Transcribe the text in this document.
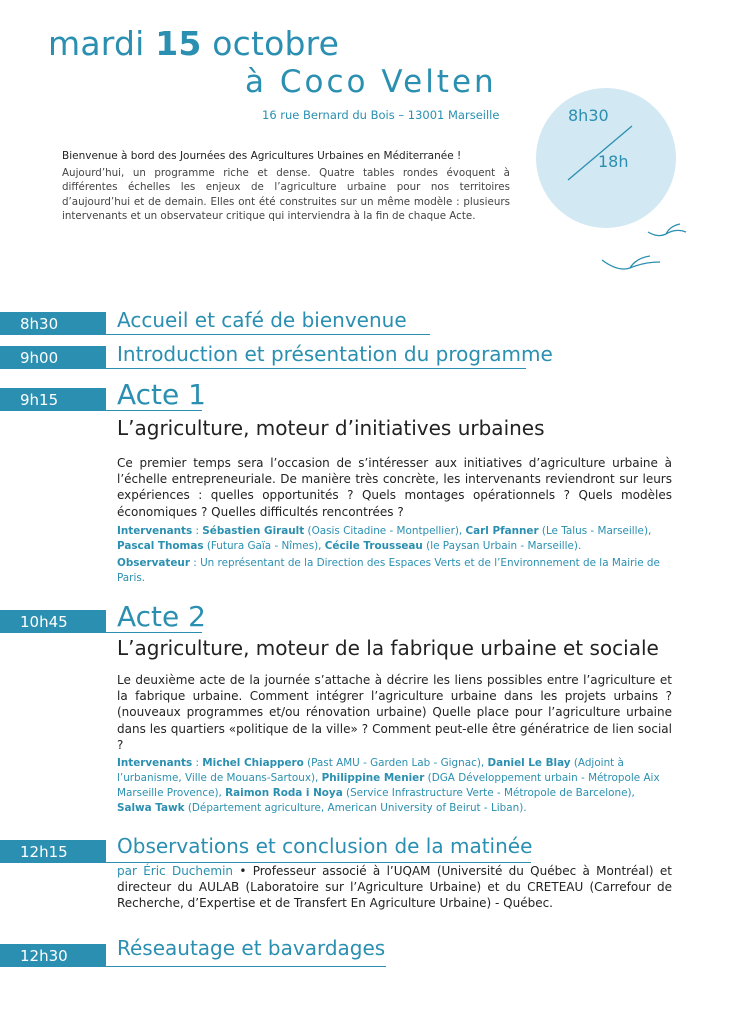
mardi 15 octobre
à Coco Velten
16 rue Bernard du Bois – 13001 Marseille	8h30
18h
Bienvenue à bord des Journées des Agricultures Urbaines en Méditerranée !
Aujourd’hui, un programme riche et dense. Quatre tables rondes évoquent à différentes échelles les enjeux de l’agriculture urbaine pour nos territoires d’aujourd’hui et de demain. Elles ont été construites sur un même modèle : plusieurs intervenants et un observateur critique qui interviendra à la fin de chaque Acte.
8h30	Accueil et café de bienvenue
9h00	Introduction et présentation du programme
9h15	Acte 1
L’agriculture, moteur d’initiatives urbaines
Ce premier temps sera l’occasion de s’intéresser aux initiatives d’agriculture urbaine à l’échelle entrepreneuriale. De manière très concrète, les intervenants reviendront sur leurs expériences : quelles opportunités ? Quels montages opérationnels ? Quels modèles économiques ? Quelles difficultés rencontrées ?
Intervenants : Sébastien Girault (Oasis Citadine - Montpellier), Carl Pfanner (Le Talus - Marseille), Pascal Thomas (Futura Gaïa - Nîmes), Cécile Trousseau (le Paysan Urbain - Marseille).
Observateur : Un représentant de la Direction des Espaces Verts et de l’Environnement de la Mairie de Paris.
10h45	Acte 2
L’agriculture, moteur de la fabrique urbaine et sociale
Le deuxième acte de la journée s’attache à décrire les liens possibles entre l’agriculture et la fabrique urbaine. Comment intégrer l’agriculture urbaine dans les projets urbains ? (nouveaux programmes et/ou rénovation urbaine) Quelle place pour l’agriculture urbaine dans les quartiers «politique de la ville» ? Comment peut-elle être génératrice de lien social ?
Intervenants : Michel Chiappero (Past AMU - Garden Lab - Gignac), Daniel Le Blay (Adjoint à l’urbanisme, Ville de Mouans-Sartoux), Philippine Menier (DGA Développement urbain - Métropole Aix Marseille Provence), Raimon Roda i Noya (Service Infrastructure Verte - Métropole de Barcelone), Salwa Tawk (Département agriculture, American University of Beirut - Liban).
12h15	Observations et conclusion de la matinée
par Éric Duchemin • Professeur associé à l’UQAM (Université du Québec à Montréal) et directeur du AULAB (Laboratoire sur l’Agriculture Urbaine) et du CRETEAU (Carrefour de Recherche, d’Expertise et de Transfert En Agriculture Urbaine) - Québec.
12h30	Réseautage et bavardages
